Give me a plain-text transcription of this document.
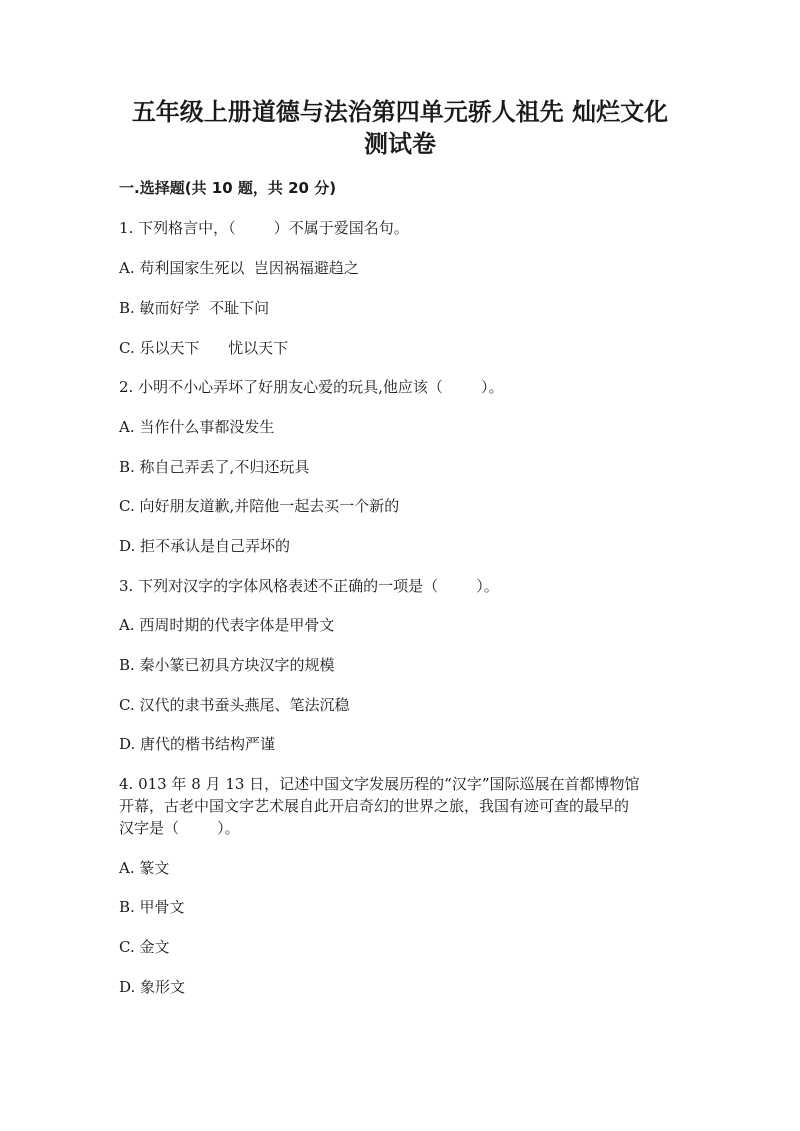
五年级上册道德与法治第四单元骄人祖先 灿烂文化
测试卷
一.选择题(共 10 题，共 20 分)

1. 下列格言中，（        ）不属于爱国名句。

A. 苟利国家生死以  岂因祸福避趋之

B. 敏而好学  不耻下问

C. 乐以天下      忧以天下

2. 小明不小心弄坏了好朋友心爱的玩具,他应该（        ）。

A. 当作什么事都没发生

B. 称自己弄丢了,不归还玩具

C. 向好朋友道歉,并陪他一起去买一个新的

D. 拒不承认是自己弄坏的

3. 下列对汉字的字体风格表述不正确的一项是（        ）。

A. 西周时期的代表字体是甲骨文

B. 秦小篆已初具方块汉字的规模

C. 汉代的隶书蚕头燕尾、笔法沉稳

D. 唐代的楷书结构严谨

4. 013 年 8 月 13 日，记述中国文字发展历程的“汉字”国际巡展在首都博物馆

开幕，古老中国文字艺术展自此开启奇幻的世界之旅，我国有迹可查的最早的

汉字是（        ）。

A. 篆文

B. 甲骨文

C. 金文

D. 象形文
